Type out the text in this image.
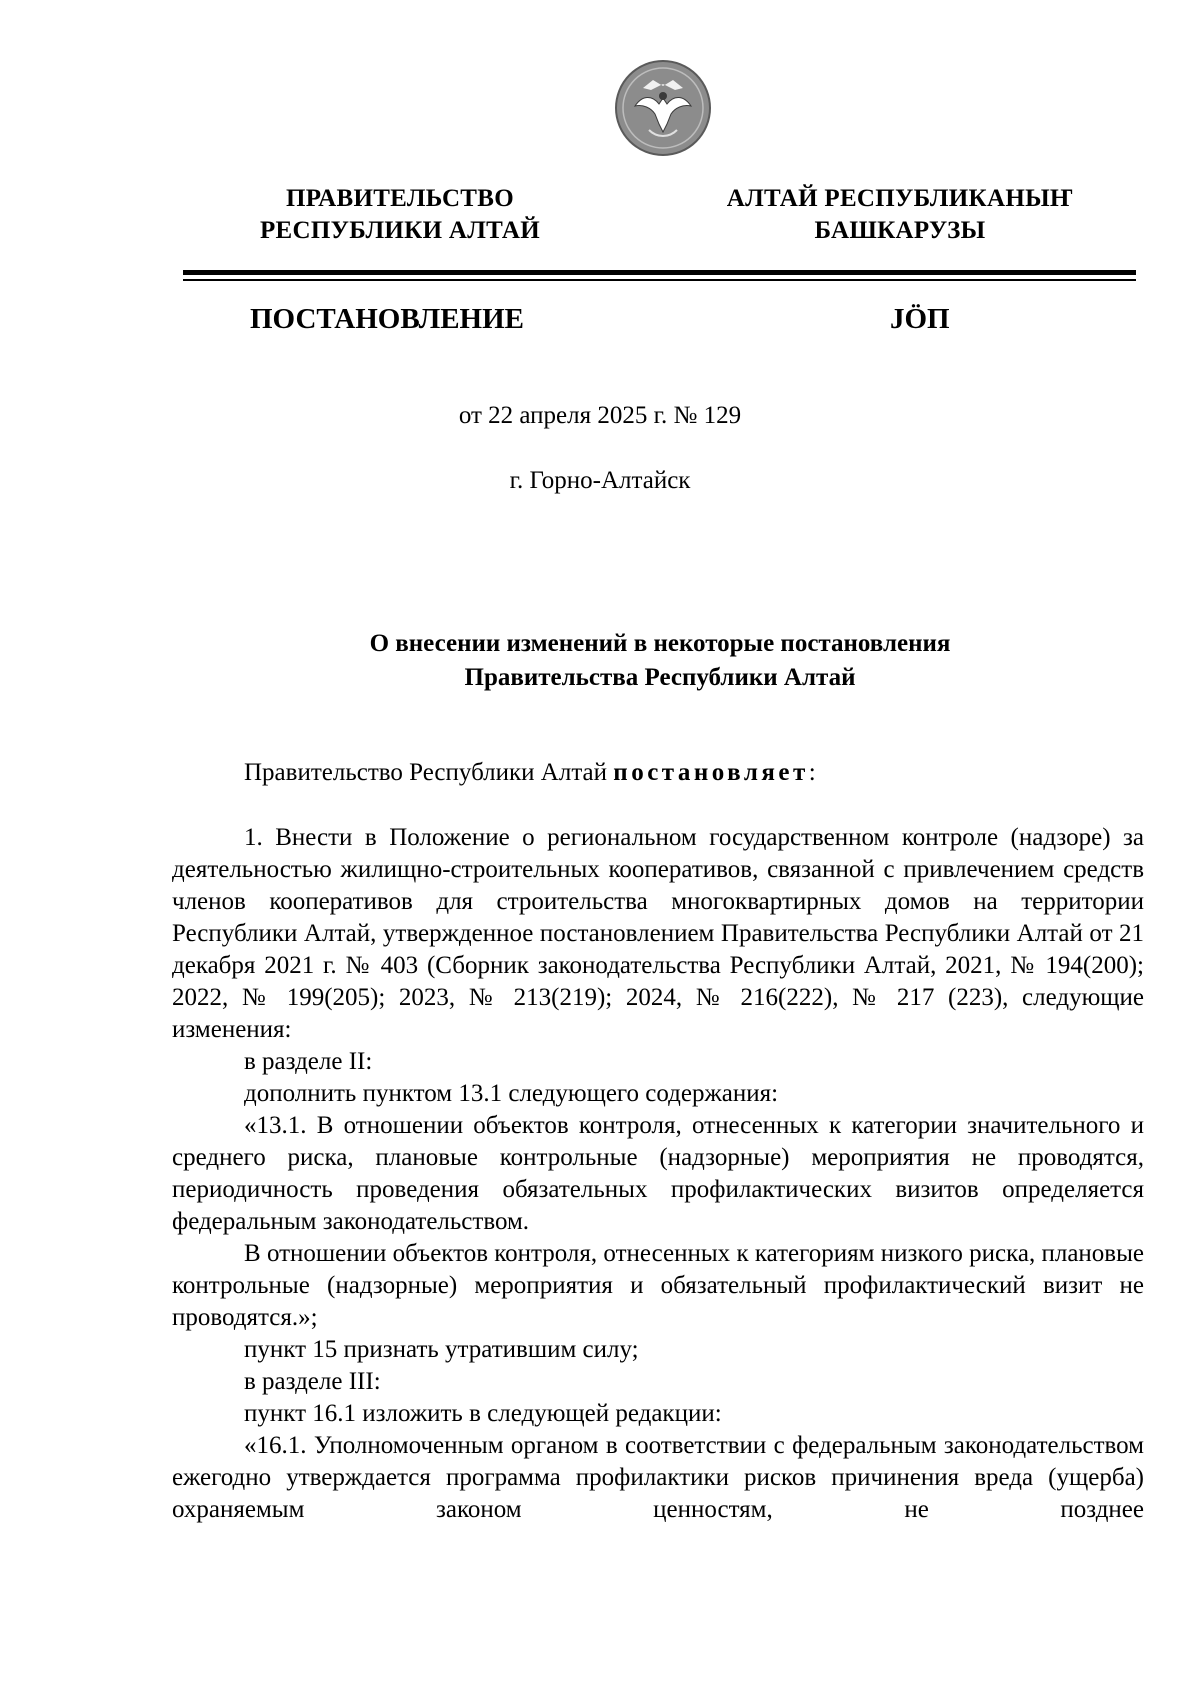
ПРАВИТЕЛЬСТВО
РЕСПУБЛИКИ АЛТАЙ
АЛТАЙ РЕСПУБЛИКАНЫҤ
БАШКАРУЗЫ
ПОСТАНОВЛЕНИЕ	JÖП
от 22 апреля 2025 г. № 129
г. Горно-Алтайск
О внесении изменений в некоторые постановления
Правительства Республики Алтай

Правительство Республики Алтай постановляет:

1. Внести в Положение о региональном государственном контроле (надзоре) за деятельностью жилищно-строительных кооперативов, связанной с привлечением средств членов кооперативов для строительства многоквартирных домов на территории Республики Алтай, утвержденное постановлением Правительства Республики Алтай от 21 декабря 2021 г. № 403 (Сборник законодательства Республики Алтай, 2021, № 194(200); 2022, № 199(205); 2023, № 213(219); 2024, № 216(222), № 217 (223), следующие изменения:

в разделе II:

дополнить пунктом 13.1 следующего содержания:

«13.1. В отношении объектов контроля, отнесенных к категории значительного и среднего риска, плановые контрольные (надзорные) мероприятия не проводятся, периодичность проведения обязательных профилактических визитов определяется федеральным законодательством.

В отношении объектов контроля, отнесенных к категориям низкого риска, плановые контрольные (надзорные) мероприятия и обязательный профилактический визит не проводятся.»;

пункт 15 признать утратившим силу;

в разделе III:

пункт 16.1 изложить в следующей редакции:

«16.1. Уполномоченным органом в соответствии с федеральным законодательством ежегодно утверждается программа профилактики рисков причинения вреда (ущерба) охраняемым законом ценностям, не позднее
